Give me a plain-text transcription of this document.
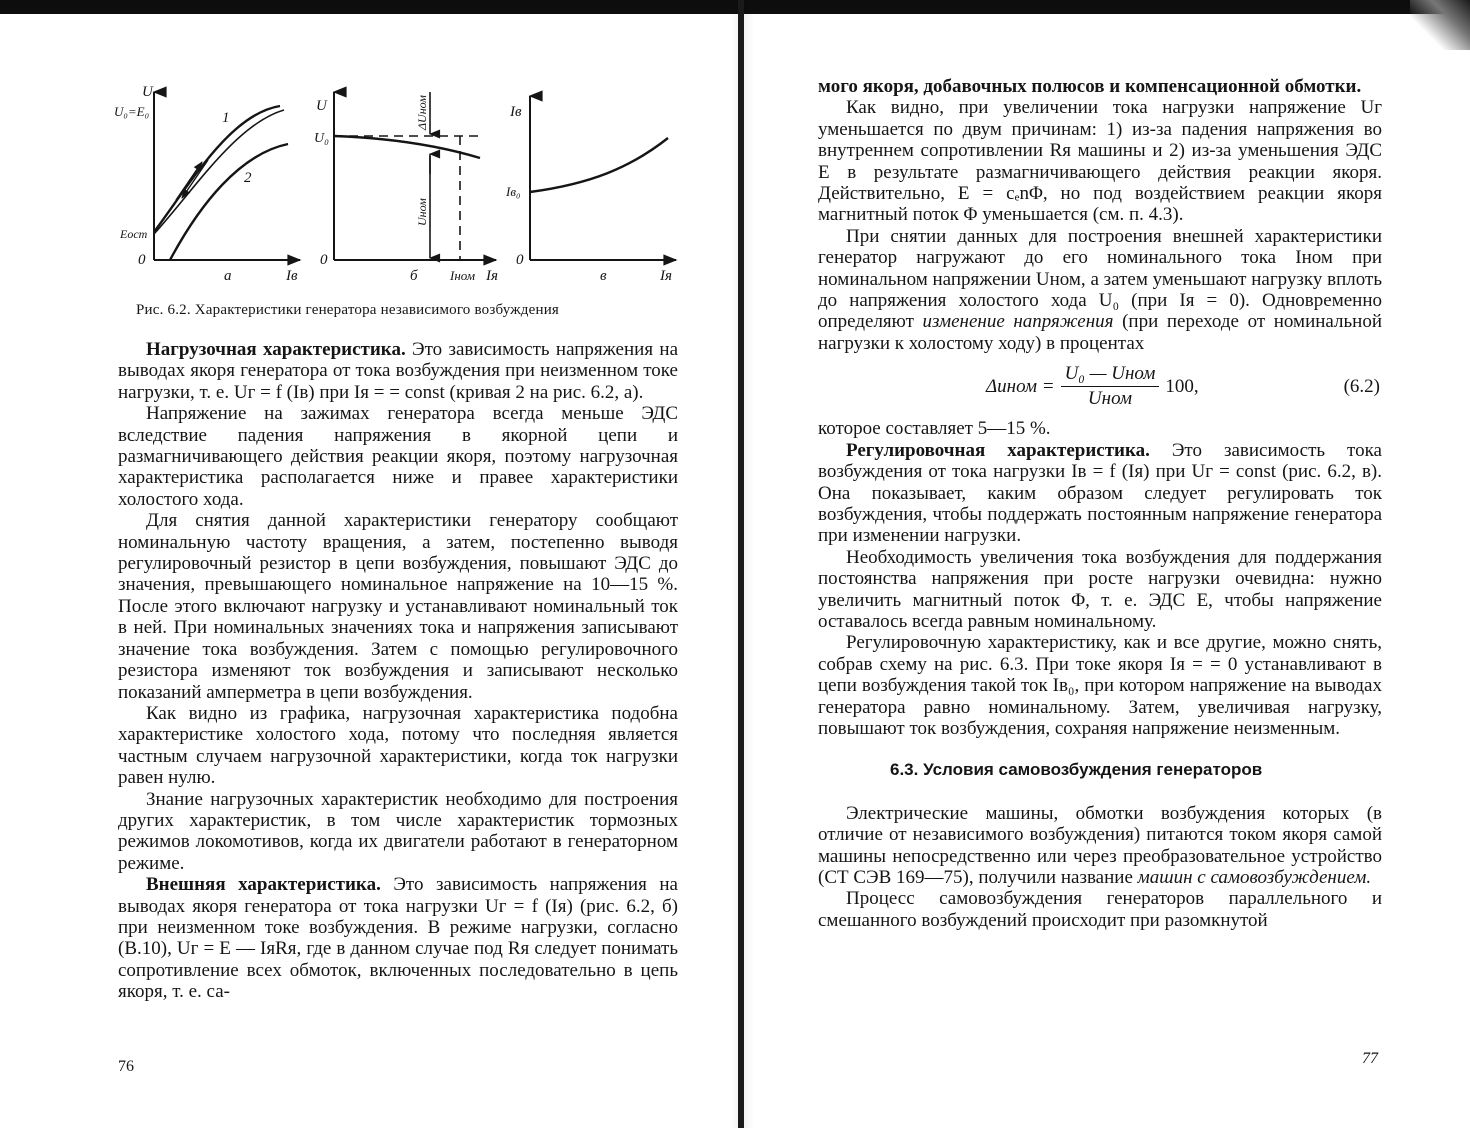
U
U₀=E₀
Eост
0
Iв
а
1
2
U
U₀
ΔUном
Uном
0
б Iном Iя
Iв
Iв₀
0
в	Iя
Рис. 6.2. Характеристики генератора независимого возбуждения

Нагрузочная характеристика. Это зависимость напряжения на выводах якоря генератора от тока возбуждения при неизменном токе нагрузки, т. е. Uг = f (Iв) при Iя = = const (кривая 2 на рис. 6.2, а).

Напряжение на зажимах генератора всегда меньше ЭДС вследствие падения напряжения в якорной цепи и размагничивающего действия реакции якоря, поэтому нагрузочная характеристика располагается ниже и правее характеристики холостого хода.

Для снятия данной характеристики генератору сообщают номинальную частоту вращения, а затем, постепенно выводя регулировочный резистор в цепи возбуждения, повышают ЭДС до значения, превышающего номинальное напряжение на 10—15 %. После этого включают нагрузку и устанавливают номинальный ток в ней. При номинальных значениях тока и напряжения записывают значение тока возбуждения. Затем с помощью регулировочного резистора изменяют ток возбуждения и записывают несколько показаний амперметра в цепи возбуждения.

Как видно из графика, нагрузочная характеристика подобна характеристике холостого хода, потому что последняя является частным случаем нагрузочной характеристики, когда ток нагрузки равен нулю.

Знание нагрузочных характеристик необходимо для построения других характеристик, в том числе характеристик тормозных режимов локомотивов, когда их двигатели работают в генераторном режиме.

Внешняя характеристика. Это зависимость напряжения на выводах якоря генератора от тока нагрузки Uг = f (Iя) (рис. 6.2, б) при неизменном токе возбуждения. В режиме нагрузки, согласно (В.10), Uг = E — IяRя, где в данном случае под Rя следует понимать сопротивление всех обмоток, включенных последовательно в цепь якоря, т. е. са-

76

мого якоря, добавочных полюсов и компенсационной обмотки.

Как видно, при увеличении тока нагрузки напряжение Uг уменьшается по двум причинам: 1) из-за падения напряжения во внутреннем сопротивлении Rя машины и 2) из-за уменьшения ЭДС E в результате размагничивающего действия реакции якоря. Действительно, E = cₑnΦ, но под воздействием реакции якоря магнитный поток Φ уменьшается (см. п. 4.3).

При снятии данных для построения внешней характеристики генератор нагружают до его номинального тока Iном при номинальном напряжении Uном, а затем уменьшают нагрузку вплоть до напряжения холостого хода U₀ (при Iя = 0). Одновременно определяют изменение напряжения (при переходе от номинальной нагрузки к холостому ходу) в процентах

Δuном = $\frac{\text{U₀ — Uном}}{\text{Uном}} 100$,	(6.2)

которое составляет 5—15 %.

Регулировочная характеристика. Это зависимость тока возбуждения от тока нагрузки Iв = f (Iя) при Uг = const (рис. 6.2, в). Она показывает, каким образом следует регулировать ток возбуждения, чтобы поддержать постоянным напряжение генератора при изменении нагрузки.

Необходимость увеличения тока возбуждения для поддержания постоянства напряжения при росте нагрузки очевидна: нужно увеличить магнитный поток Φ, т. е. ЭДС E, чтобы напряжение оставалось всегда равным номинальному.

Регулировочную характеристику, как и все другие, можно снять, собрав схему на рис. 6.3. При токе якоря Iя = = 0 устанавливают в цепи возбуждения такой ток Iв₀, при котором напряжение на выводах генератора равно номинальному. Затем, увеличивая нагрузку, повышают ток возбуждения, сохраняя напряжение неизменным.

6.3. Условия самовозбуждения генераторов

Электрические машины, обмотки возбуждения которых (в отличие от независимого возбуждения) питаются током якоря самой машины непосредственно или через преобразовательное устройство (СТ СЭВ 169—75), получили название машин с самовозбуждением.

Процесс самовозбуждения генераторов параллельного и смешанного возбуждений происходит при разомкнутой

77
